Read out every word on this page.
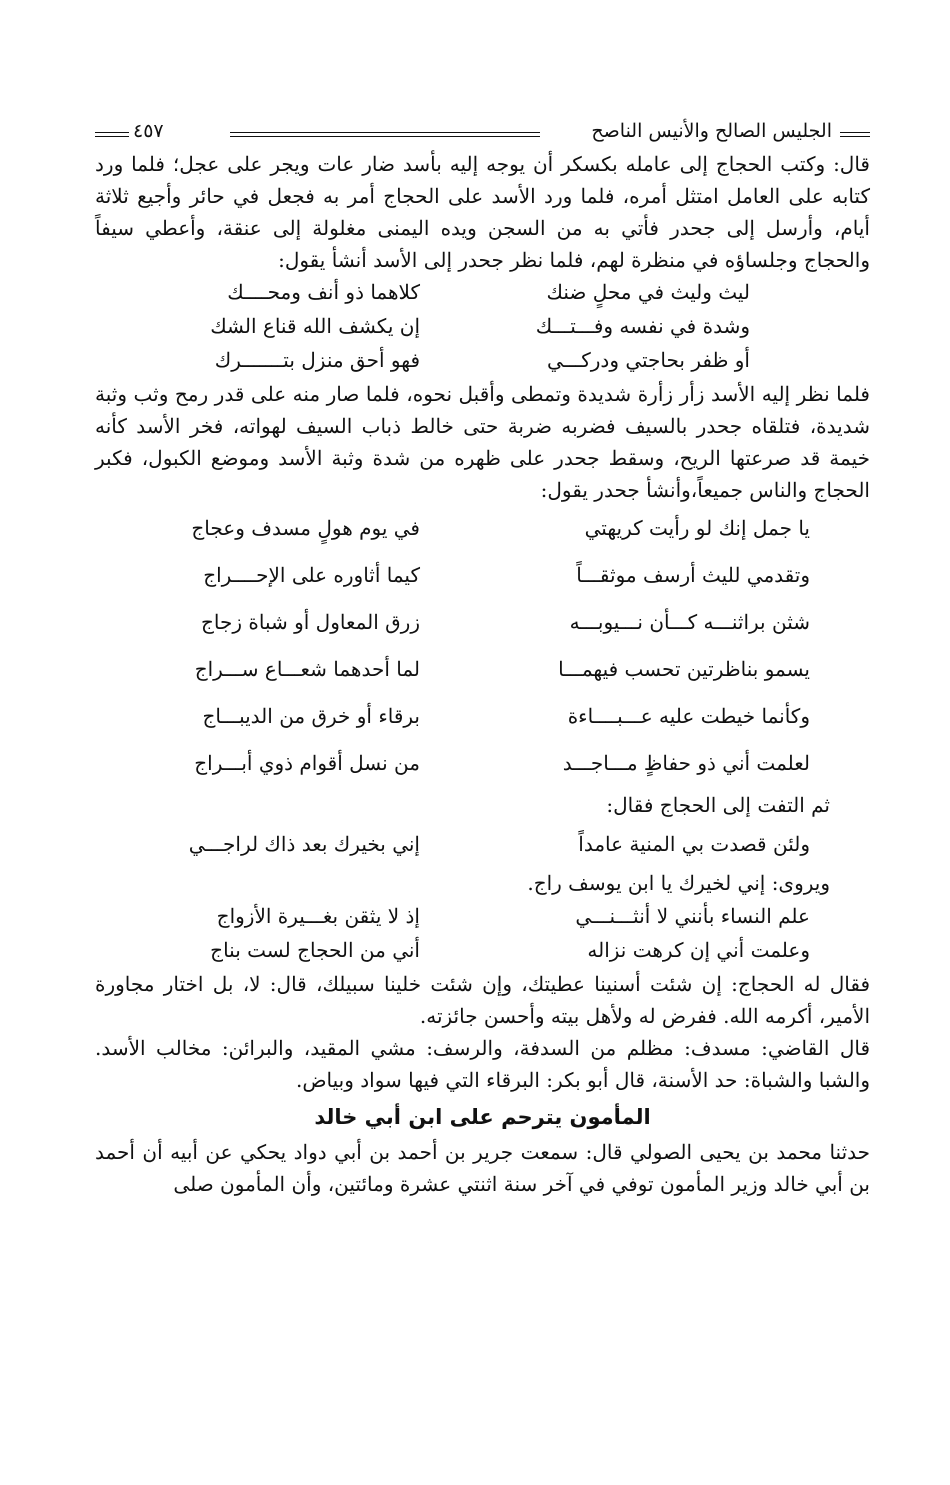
الجليس الصالح والأنيس الناصح
٤٥٧

قال: وكتب الحجاج إلى عامله بكسكر أن يوجه إليه بأسد ضار عات ويجر على عجل؛ فلما ورد كتابه على العامل امتثل أمره، فلما ورد الأسد على الحجاج أمر به فجعل في حائر وأجيع ثلاثة أيام، وأرسل إلى جحدر فأتي به من السجن ويده اليمنى مغلولة إلى عنقة، وأعطي سيفاً والحجاج وجلساؤه في منظرة لهم، فلما نظر جحدر إلى الأسد أنشأ يقول:

ليث وليث في محلٍ ضنك
كلاهما ذو أنف ومحــــك
وشدة في نفسه وفـــتـــك
إن يكشف الله قناع الشك
أو ظفر بحاجتي ودركـــي
فهو أحق منزل بتـــــــرك

فلما نظر إليه الأسد زأر زأرة شديدة وتمطى وأقبل نحوه، فلما صار منه على قدر رمح وثب وثبة شديدة، فتلقاه جحدر بالسيف فضربه ضربة حتى خالط ذباب السيف لهواته، فخر الأسد كأنه خيمة قد صرعتها الريح، وسقط جحدر على ظهره من شدة وثبة الأسد وموضع الكبول، فكبر الحجاج والناس جميعاً،وأنشأ جحدر يقول:

يا جمل إنك لو رأيت كريهتي
في يوم هولٍ مسدف وعجاج
وتقدمي لليث أرسف موثقـــاً
كيما أثاوره على الإحــــراج
شثن براثنـــه كـــأن نـــيوبـــه
زرق المعاول أو شباة زجاج
يسمو بناظرتين تحسب فيهمـــا
لما أحدهما شعـــاع ســـراج
وكأنما خيطت عليه عـــبــــاءة
برقاء أو خرق من الديبـــاج
لعلمت أني ذو حفاظٍ مـــاجـــد
من نسل أقوام ذوي أبـــراج
ثم التفت إلى الحجاج فقال:
ولئن قصدت بي المنية عامداً
إني بخيرك بعد ذاك لراجـــي
ويروى: إني لخيرك يا ابن يوسف راج.
علم النساء بأنني لا أنثـــنـــي
إذ لا يثقن بغـــيرة الأزواج
وعلمت أني إن كرهت نزاله
أني من الحجاج لست بناج

فقال له الحجاج: إن شئت أسنينا عطيتك، وإن شئت خلينا سبيلك، قال: لا، بل اختار مجاورة الأمير، أكرمه الله. ففرض له ولأهل بيته وأحسن جائزته.

قال القاضي: مسدف: مظلم من السدفة، والرسف: مشي المقيد، والبرائن: مخالب الأسد. والشبا والشباة: حد الأسنة، قال أبو بكر: البرقاء التي فيها سواد وبياض.

المأمون يترحم على ابن أبي خالد

حدثنا محمد بن يحيى الصولي قال: سمعت جرير بن أحمد بن أبي دواد يحكي عن أبيه أن أحمد بن أبي خالد وزير المأمون توفي في آخر سنة اثنتي عشرة ومائتين، وأن المأمون صلى
